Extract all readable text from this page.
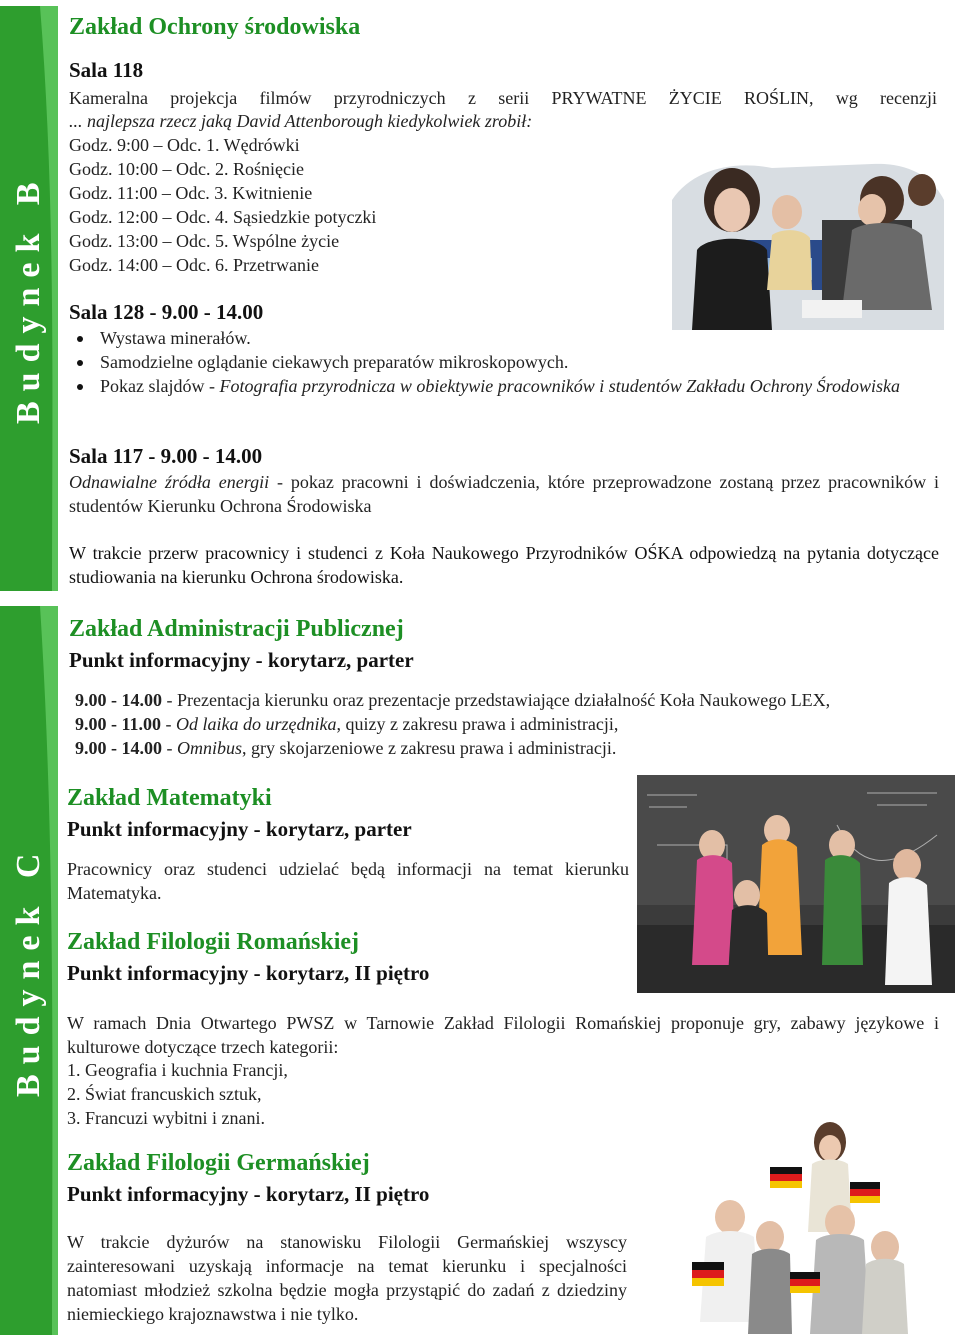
Budynek B
Budynek C
Zakład Ochrony środowiska
Sala 118
Kameralna projekcja filmów przyrodniczych z serii PRYWATNE ŻYCIE ROŚLIN, wg recenzji
... najlepsza rzecz jaką David Attenborough kiedykolwiek zrobił:
Godz. 9:00 – Odc. 1. Wędrówki
Godz. 10:00 – Odc. 2. Rośnięcie
Godz. 11:00 – Odc. 3. Kwitnienie
Godz. 12:00 – Odc. 4. Sąsiedzkie potyczki
Godz. 13:00 – Odc. 5. Wspólne życie
Godz. 14:00 – Odc. 6. Przetrwanie
Sala 128 - 9.00 - 14.00
Wystawa minerałów.
Samodzielne oglądanie ciekawych preparatów mikroskopowych.
Pokaz slajdów - Fotografia przyrodnicza w obiektywie pracowników i studentów Zakładu Ochrony Środowiska
Sala 117 - 9.00 - 14.00
Odnawialne źródła energii - pokaz pracowni i doświadczenia, które przeprowadzone zostaną przez pracowników i studentów Kierunku Ochrona Środowiska
W trakcie przerw pracownicy i studenci z Koła Naukowego Przyrodników OŚKA odpowiedzą na pytania dotyczące studiowania na kierunku Ochrona środowiska.
Zakład Administracji Publicznej
Punkt informacyjny - korytarz, parter
9.00 - 14.00 - Prezentacja kierunku oraz prezentacje przedstawiające działalność Koła Naukowego LEX,
9.00 - 11.00 - Od laika do urzędnika, quizy z zakresu prawa i administracji,
9.00 - 14.00 - Omnibus, gry skojarzeniowe z zakresu prawa i administracji.
Zakład Matematyki
Punkt informacyjny - korytarz, parter
Pracownicy oraz studenci udzielać będą informacji na temat kierunku Matematyka.
Zakład Filologii Romańskiej
Punkt informacyjny - korytarz, II piętro
W ramach Dnia Otwartego PWSZ w Tarnowie Zakład Filologii Romańskiej proponuje gry, zabawy językowe i kulturowe dotyczące trzech kategorii:
1. Geografia i kuchnia Francji,
2. Świat francuskich sztuk,
3. Francuzi wybitni i znani.
Zakład Filologii Germańskiej
Punkt informacyjny - korytarz, II piętro
W trakcie dyżurów na stanowisku Filologii Germańskiej wszyscy zainteresowani uzyskają informacje na temat kierunku i specjalności natomiast młodzież szkolna będzie mogła przystąpić do zadań z dziedziny niemieckiego krajoznawstwa i nie tylko.
